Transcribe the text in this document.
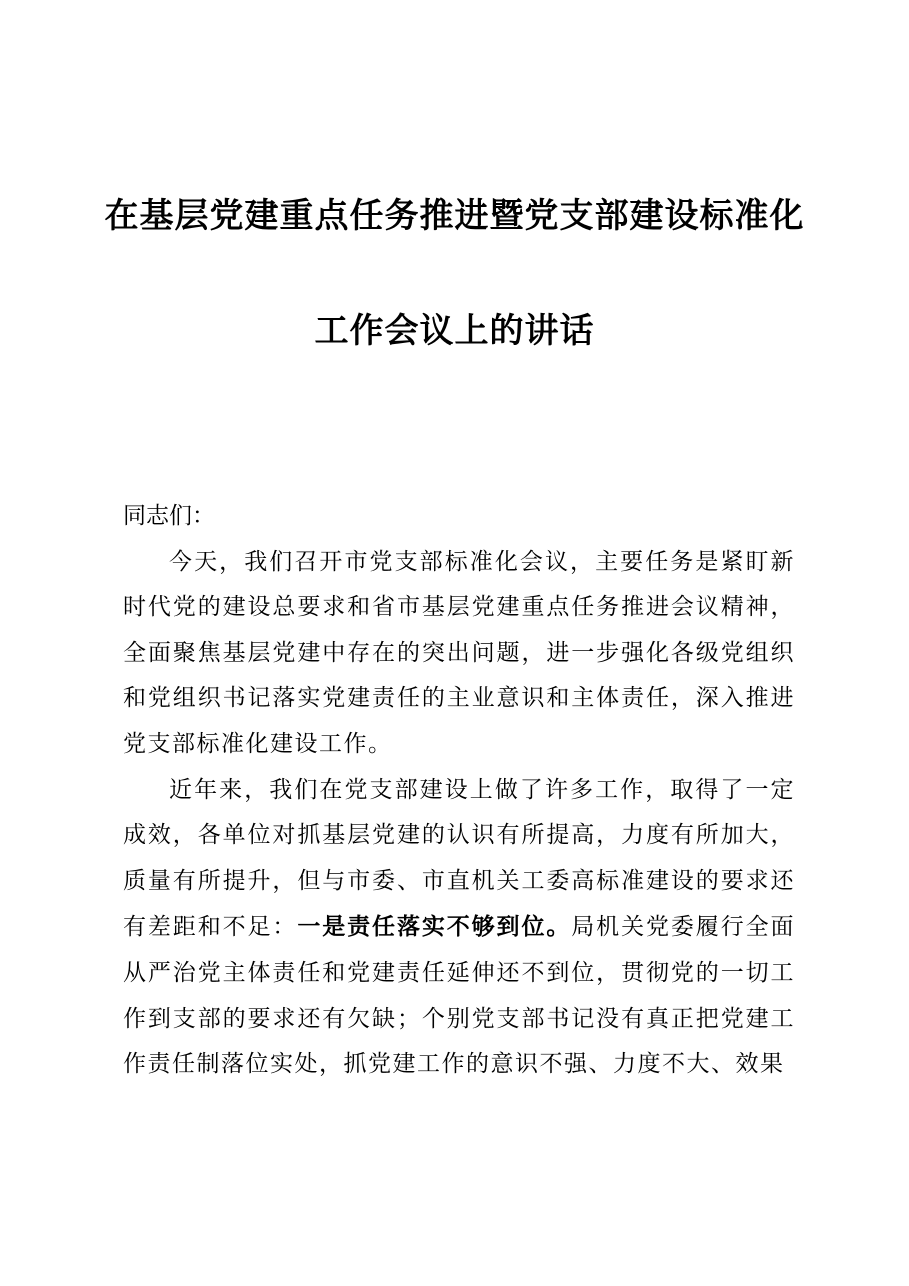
在基层党建重点任务推进暨党支部建设标准化
工作会议上的讲话

同志们：

今天，我们召开市党支部标准化会议，主要任务是紧盯新时代党的建设总要求和省市基层党建重点任务推进会议精神，全面聚焦基层党建中存在的突出问题，进一步强化各级党组织和党组织书记落实党建责任的主业意识和主体责任，深入推进党支部标准化建设工作。

近年来，我们在党支部建设上做了许多工作，取得了一定成效，各单位对抓基层党建的认识有所提高，力度有所加大，质量有所提升，但与市委、市直机关工委高标准建设的要求还有差距和不足：一是责任落实不够到位。局机关党委履行全面从严治党主体责任和党建责任延伸还不到位，贯彻党的一切工作到支部的要求还有欠缺；个别党支部书记没有真正把党建工作责任制落位实处，抓党建工作的意识不强、力度不大、效果
